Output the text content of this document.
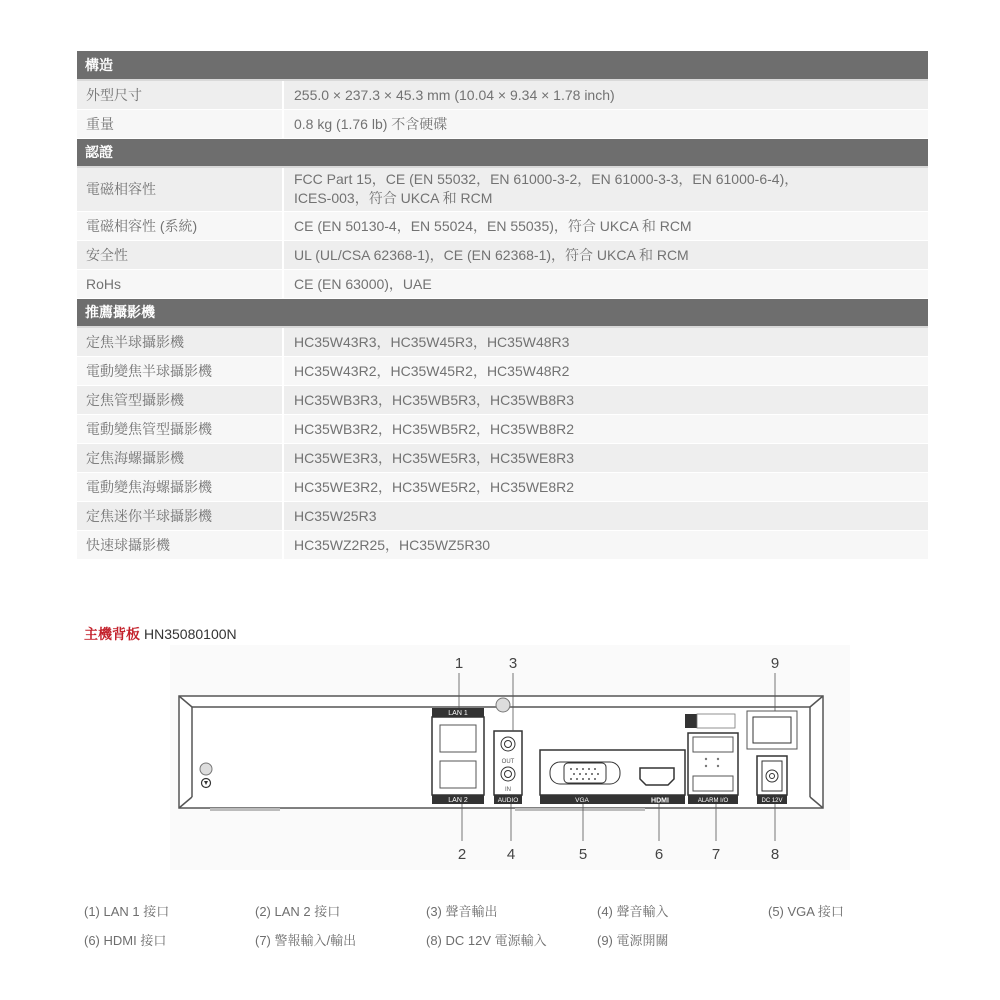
構造	
外型尺寸	255.0 × 237.3 × 45.3 mm (10.04 × 9.34 × 1.78 inch)
重量	0.8 kg (1.76 lb) 不含硬碟
認證	
電磁相容性	FCC Part 15，CE (EN 55032，EN 61000-3-2，EN 61000-3-3，EN 61000-6-4)，
ICES-003，符合 UKCA 和 RCM

電磁相容性 (系統)	CE (EN 50130-4，EN 55024，EN 55035)，符合 UKCA 和 RCM
安全性	UL (UL/CSA 62368-1)，CE (EN 62368-1)，符合 UKCA 和 RCM
RoHs	CE (EN 63000)，UAE
推薦攝影機	
定焦半球攝影機	HC35W43R3，HC35W45R3，HC35W48R3
電動變焦半球攝影機	HC35W43R2，HC35W45R2，HC35W48R2
定焦管型攝影機	HC35WB3R3，HC35WB5R3，HC35WB8R3
電動變焦管型攝影機	HC35WB3R2，HC35WB5R2，HC35WB8R2
定焦海螺攝影機	HC35WE3R3，HC35WE5R3，HC35WE8R3
電動變焦海螺攝影機	HC35WE3R2，HC35WE5R2，HC35WE8R2
定焦迷你半球攝影機	HC35W25R3
快速球攝影機	HC35WZ2R25，HC35WZ5R30
主機背板 HN35080100N
LAN 1
LAN 2
OUT
IN
AUDIO	VGA	HDMI	ALARM I/O	DC 12V
1
2
3
4	5	6	7	8
9
(1) LAN 1 接口	(2) LAN 2 接口	(3) 聲音輸出	(4) 聲音輸入	(5) VGA 接口
(6) HDMI 接口	(7) 警報輸入/輸出	(8) DC 12V 電源輸入	(9) 電源開關
